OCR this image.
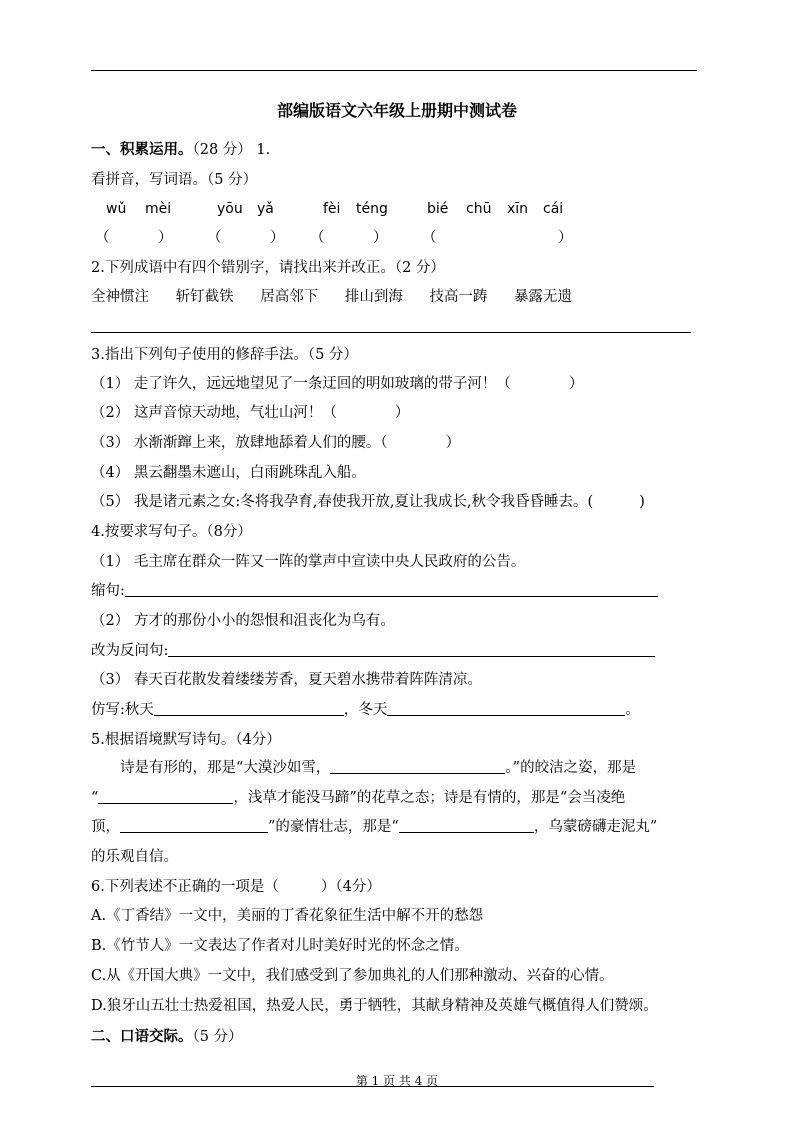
部编版语文六年级上册期中测试卷
一、积累运用。（28 分） 1.
看拼音，写词语。（5 分）
wǔ mèi	yōu yǎ	fèi téng	bié chū xīn cái
（	） （	） （	） （	）
2.下列成语中有四个错别字，请找出来并改正。（2 分）
全神惯注 斩钉截铁 居高邻下 排山到海 技高一踌 暴露无遗
3.指出下列句子使用的修辞手法。（5 分）
（1） 走了许久，远远地望见了一条迂回的明如玻璃的带子河！（	）
（2） 这声音惊天动地，气壮山河！（	）
（3） 水渐渐蹿上来，放肆地舔着人们的腰。（	）
（4） 黑云翻墨未遮山，白雨跳珠乱入船。
（5） 我是诸元素之女:冬将我孕育,春使我开放,夏让我成长,秋令我昏昏睡去。(	)
4.按要求写句子。（8分）
（1） 毛主席在群众一阵又一阵的掌声中宣读中央人民政府的公告。
缩句:
（2） 方才的那份小小的怨恨和沮丧化为乌有。
改为反问句:
（3） 春天百花散发着缕缕芳香，夏天碧水携带着阵阵清凉。
仿写:秋天	，冬天	。
5.根据语境默写诗句。（4分）
诗是有形的，那是“大漠沙如雪，	。”的皎洁之姿，那是
“	，浅草才能没马蹄”的花草之态；诗是有情的，那是“会当凌绝
顶，	”的豪情壮志，那是“	，乌蒙磅礴走泥丸”
的乐观自信。
6.下列表述不正确的一项是（	）（4分）
A.《丁香结》一文中，美丽的丁香花象征生活中解不开的愁怨
B.《竹节人》一文表达了作者对儿时美好时光的怀念之情。
C.从《开国大典》一文中，我们感受到了参加典礼的人们那种激动、兴奋的心情。
D.狼牙山五壮士热爱祖国，热爱人民，勇于牺牲，其献身精神及英雄气概值得人们赞颂。
二、口语交际。（5 分）
第 1 页 共 4 页
